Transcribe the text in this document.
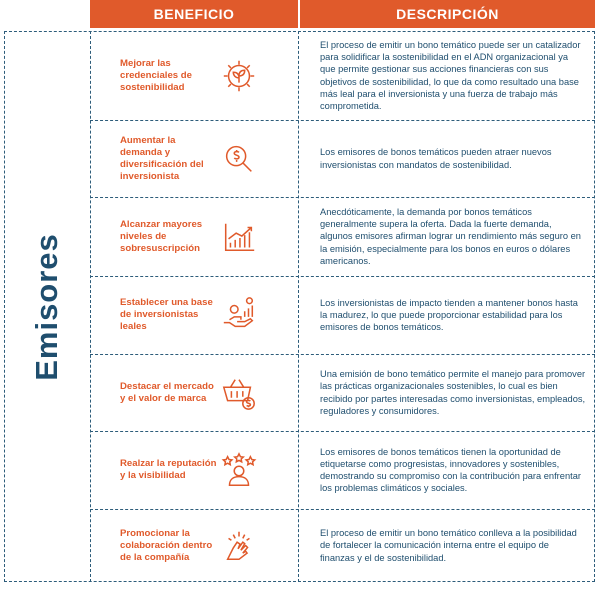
BENEFICIO	DESCRIPCIÓN
Emisores
Mejorar las credenciales de sostenibilidad
El proceso de emitir un bono temático puede ser un catalizador para solidificar la sostenibilidad en el ADN organizacional ya que permite gestionar sus acciones financieras con sus objetivos de sostenibilidad, lo que da como resultado una base más leal para el inversionista y una fuerza de trabajo más comprometida.
Aumentar la demanda y diversificación del inversionista
Los emisores de bonos temáticos pueden atraer nuevos inversionistas con mandatos de sostenibilidad.
Alcanzar mayores niveles de sobresuscripción
Anecdóticamente, la demanda por bonos temáticos generalmente supera la oferta. Dada la fuerte demanda, algunos emisores afirman lograr un rendimiento más seguro en la emisión, especialmente para los bonos en euros o dólares americanos.
Establecer una base de inversionistas leales
Los inversionistas de impacto tienden a mantener bonos hasta la madurez, lo que puede proporcionar estabilidad para los emisores de bonos temáticos.
Destacar el mercado y el valor de marca
Una emisión de bono temático permite el manejo para promover las prácticas organizacionales sostenibles, lo cual es bien recibido por partes interesadas como inversionistas, empleados, reguladores y consumidores.
Realzar la reputación y la visibilidad
Los emisores de bonos temáticos tienen la oportunidad de etiquetarse como progresistas, innovadores y sostenibles, demostrando su compromiso con la contribución para enfrentar los problemas climáticos y sociales.
Promocionar la colaboración dentro de la compañía
El proceso de emitir un bono temático conlleva a la posibilidad de fortalecer la comunicación interna entre el equipo de finanzas y el de sostenibilidad.
